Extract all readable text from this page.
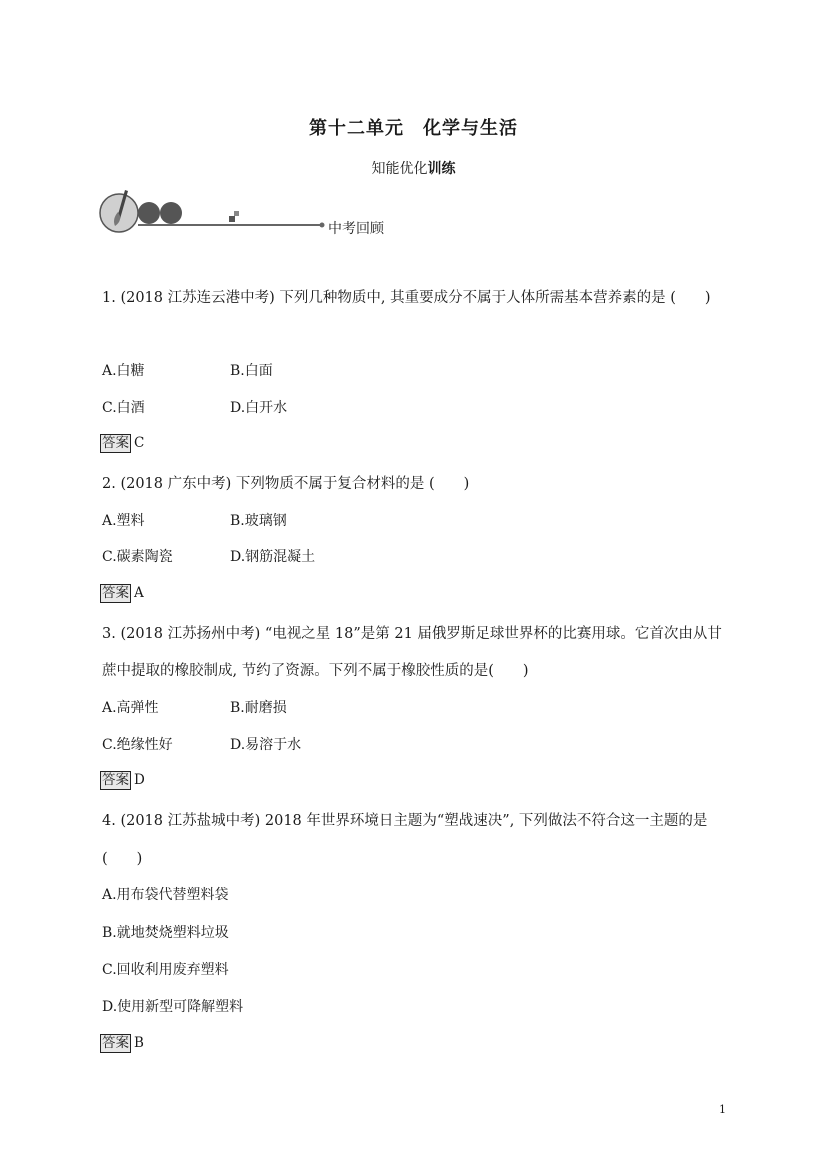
第十二单元　化学与生活
知能优化训练
中考回顾
1. (2018 江苏连云港中考) 下列几种物质中, 其重要成分不属于人体所需基本营养素的是 (　　)
A.白糖	B.白面
C.白酒	D.白开水
答案 C
2. (2018 广东中考) 下列物质不属于复合材料的是 (　　)
A.塑料	B.玻璃钢
C.碳素陶瓷	D.钢筋混凝土
答案 A
3. (2018 江苏扬州中考) “电视之星 18”是第 21 届俄罗斯足球世界杯的比赛用球。它首次由从甘
蔗中提取的橡胶制成, 节约了资源。下列不属于橡胶性质的是(　　)
A.高弹性	B.耐磨损
C.绝缘性好	D.易溶于水
答案 D
4. (2018 江苏盐城中考) 2018 年世界环境日主题为“塑战速决”, 下列做法不符合这一主题的是
(　　)
A.用布袋代替塑料袋
B.就地焚烧塑料垃圾
C.回收利用废弃塑料
D.使用新型可降解塑料
答案 B
1
